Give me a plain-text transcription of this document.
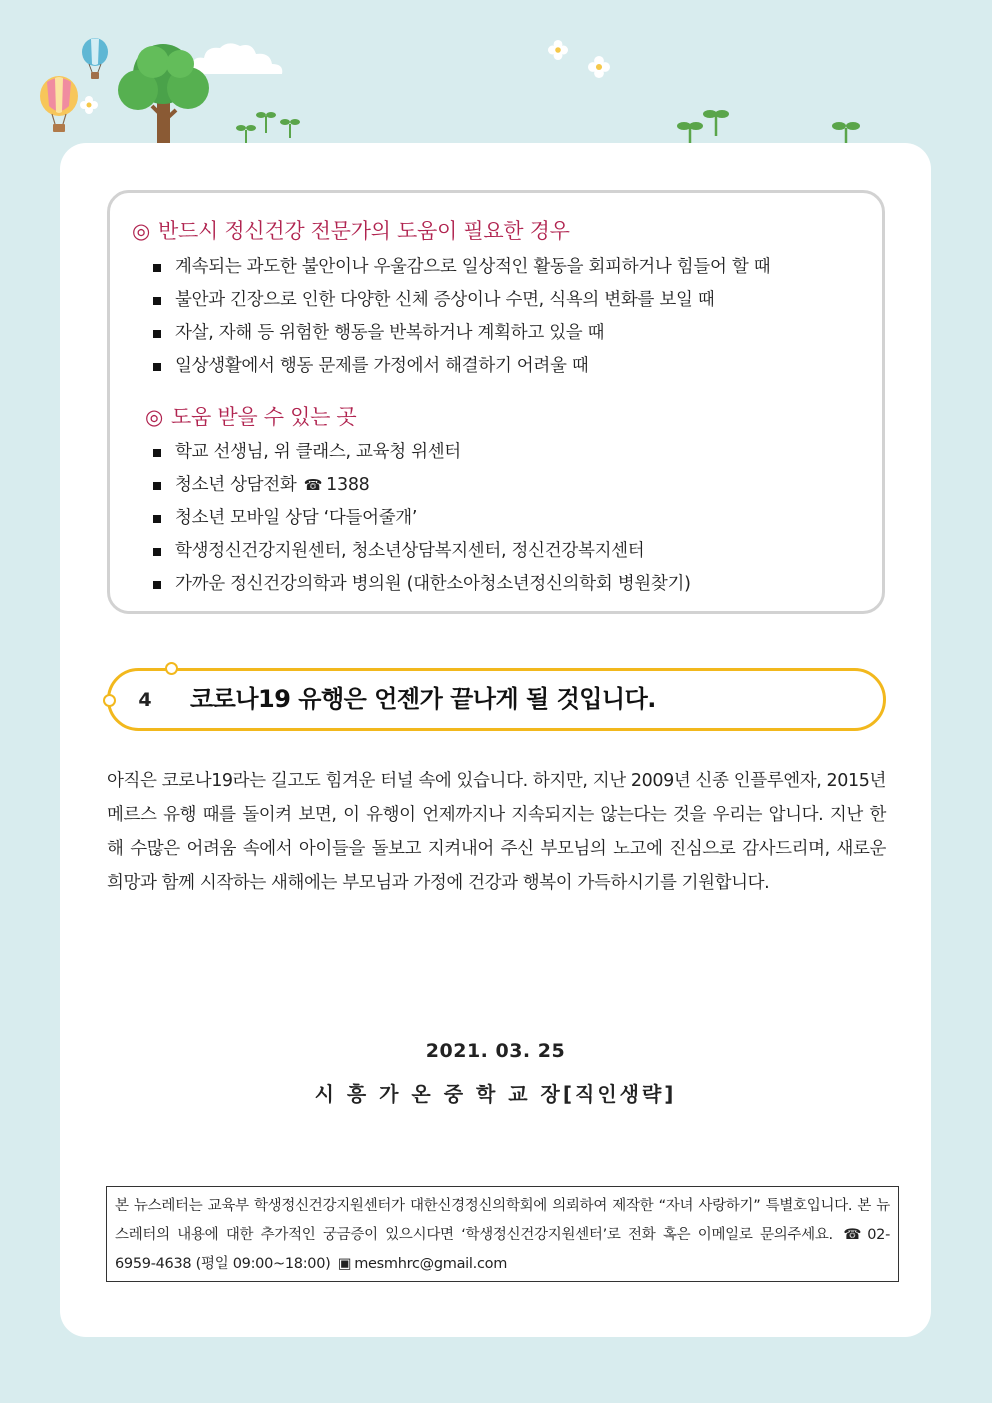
◎ 반드시 정신건강 전문가의 도움이 필요한 경우
계속되는 과도한 불안이나 우울감으로 일상적인 활동을 회피하거나 힘들어 할 때
불안과 긴장으로 인한 다양한 신체 증상이나 수면, 식욕의 변화를 보일 때
자살, 자해 등 위험한 행동을 반복하거나 계획하고 있을 때
일상생활에서 행동 문제를 가정에서 해결하기 어려울 때
◎ 도움 받을 수 있는 곳
학교 선생님, 위 클래스, 교육청 위센터
청소년 상담전화 ☎ 1388
청소년 모바일 상담 ‘다들어줄개’
학생정신건강지원센터, 청소년상담복지센터, 정신건강복지센터
가까운 정신건강의학과 병의원 (대한소아청소년정신의학회 병원찾기)
4	코로나19 유행은 언젠가 끝나게 될 것입니다.
아직은 코로나19라는 길고도 힘겨운 터널 속에 있습니다. 하지만, 지난 2009년 신종 인플루엔자, 2015년 메르스 유행 때를 돌이켜 보면, 이 유행이 언제까지나 지속되지는 않는다는 것을 우리는 압니다. 지난 한 해 수많은 어려움 속에서 아이들을 돌보고 지켜내어 주신 부모님의 노고에 진심으로 감사드리며, 새로운 희망과 함께 시작하는 새해에는 부모님과 가정에 건강과 행복이 가득하시기를 기원합니다.
2021. 03. 25
시 흥 가 온 중 학 교 장[직인생략]
본 뉴스레터는 교육부 학생정신건강지원센터가 대한신경정신의학회에 의뢰하여 제작한 “자녀 사랑하기” 특별호입니다. 본 뉴스레터의 내용에 대한 추가적인 궁금증이 있으시다면 ‘학생정신건강지원센터’로 전화 혹은 이메일로 문의주세요. ☎ 02-6959-4638 (평일 09:00~18:00) ▣ mesmhrc@gmail.com
